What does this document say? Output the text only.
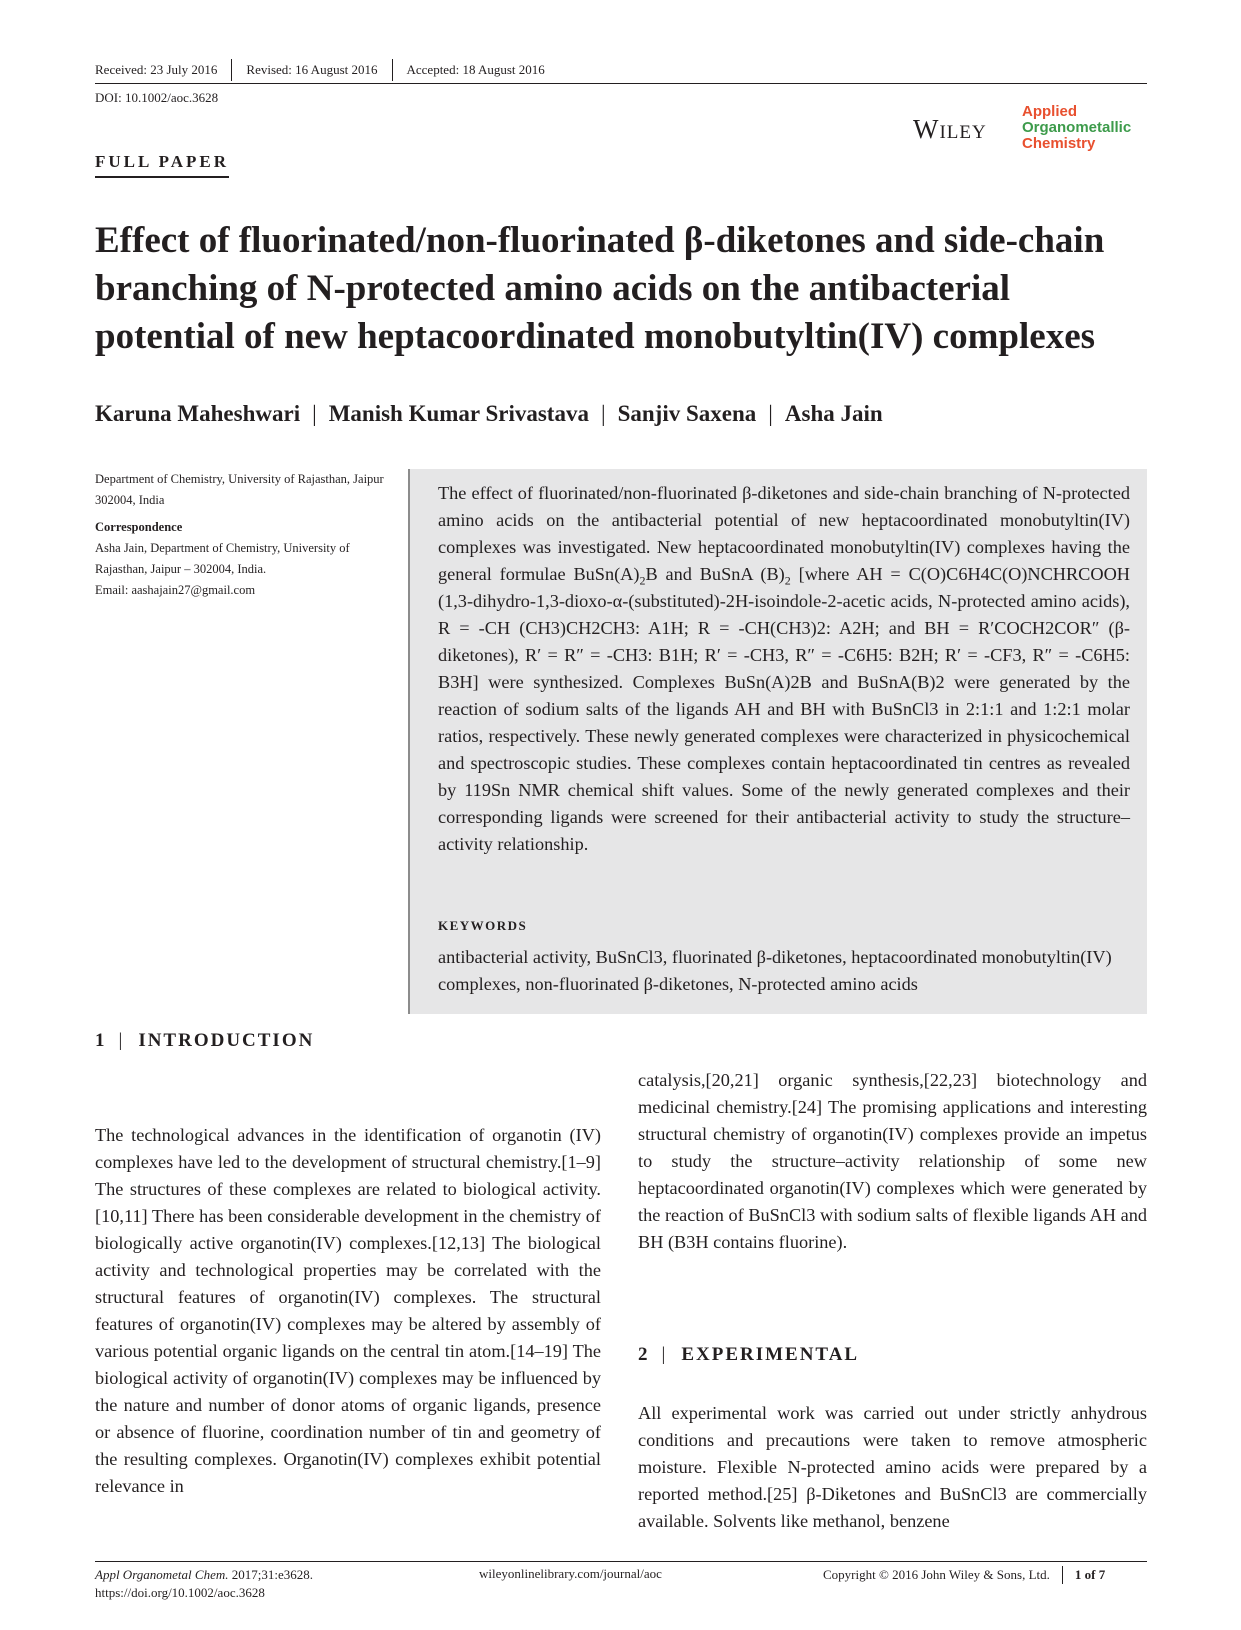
Received: 23 July 2016 Revised: 16 August 2016 Accepted: 18 August 2016
DOI: 10.1002/aoc.3628
FULL PAPER
Wiley
Applied
Organometallic
Chemistry
Effect of fluorinated/non-fluorinated β-diketones and side-chain branching of N-protected amino acids on the antibacterial potential of new heptacoordinated monobutyltin(IV) complexes
Karuna Maheshwari | Manish Kumar Srivastava | Sanjiv Saxena | Asha Jain
Department of Chemistry, University of Rajasthan, Jaipur 302004, India
Correspondence
Asha Jain, Department of Chemistry, University of Rajasthan, Jaipur – 302004, India.
Email: aashajain27@gmail.com
The effect of fluorinated/non-fluorinated β-diketones and side-chain branching of N-protected amino acids on the antibacterial potential of new heptacoordinated monobutyltin(IV) complexes was investigated. New heptacoordinated monobutyltin(IV) complexes having the general formulae $BuSn(A)_2B$ and BuSnA $(B)_2$ [where AH = C(O)C6H4C(O)NCHRCOOH (1,3-dihydro-1,3-dioxo-α-(substituted)-2H-isoindole-2-acetic acids, N-protected amino acids), R = -CH (CH3)CH2CH3: A1H; R = -CH(CH3)2: A2H; and BH = R′COCH2COR″ (β-diketones), R′ = R″ = -CH3: B1H; R′ = -CH3, R″ = -C6H5: B2H; R′ = -CF3, R″ = -C6H5: B3H] were synthesized. Complexes BuSn(A)2B and BuSnA(B)2 were generated by the reaction of sodium salts of the ligands AH and BH with BuSnCl3 in 2:1:1 and 1:2:1 molar ratios, respectively. These newly generated complexes were characterized in physicochemical and spectroscopic studies. These complexes contain heptacoordinated tin centres as revealed by 119Sn NMR chemical shift values. Some of the newly generated complexes and their corresponding ligands were screened for their antibacterial activity to study the structure–activity relationship.
KEYWORDS
antibacterial activity, BuSnCl3, fluorinated β-diketones, heptacoordinated monobutyltin(IV) complexes, non-fluorinated β-diketones, N-protected amino acids
1 | INTRODUCTION
The technological advances in the identification of organotin (IV) complexes have led to the development of structural chemistry.[1–9] The structures of these complexes are related to biological activity.[10,11] There has been considerable development in the chemistry of biologically active organotin(IV) complexes.[12,13] The biological activity and technological properties may be correlated with the structural features of organotin(IV) complexes. The structural features of organotin(IV) complexes may be altered by assembly of various potential organic ligands on the central tin atom.[14–19] The biological activity of organotin(IV) complexes may be influenced by the nature and number of donor atoms of organic ligands, presence or absence of fluorine, coordination number of tin and geometry of the resulting complexes. Organotin(IV) complexes exhibit potential relevance in
catalysis,[20,21] organic synthesis,[22,23] biotechnology and medicinal chemistry.[24] The promising applications and interesting structural chemistry of organotin(IV) complexes provide an impetus to study the structure–activity relationship of some new heptacoordinated organotin(IV) complexes which were generated by the reaction of BuSnCl3 with sodium salts of flexible ligands AH and BH (B3H contains fluorine).
2 | EXPERIMENTAL
All experimental work was carried out under strictly anhydrous conditions and precautions were taken to remove atmospheric moisture. Flexible N-protected amino acids were prepared by a reported method.[25] β-Diketones and BuSnCl3 are commercially available. Solvents like methanol, benzene
Appl Organometal Chem. 2017;31:e3628.
https://doi.org/10.1002/aoc.3628
wileyonlinelibrary.com/journal/aoc	Copyright © 2016 John Wiley & Sons, Ltd. 1 of 7
